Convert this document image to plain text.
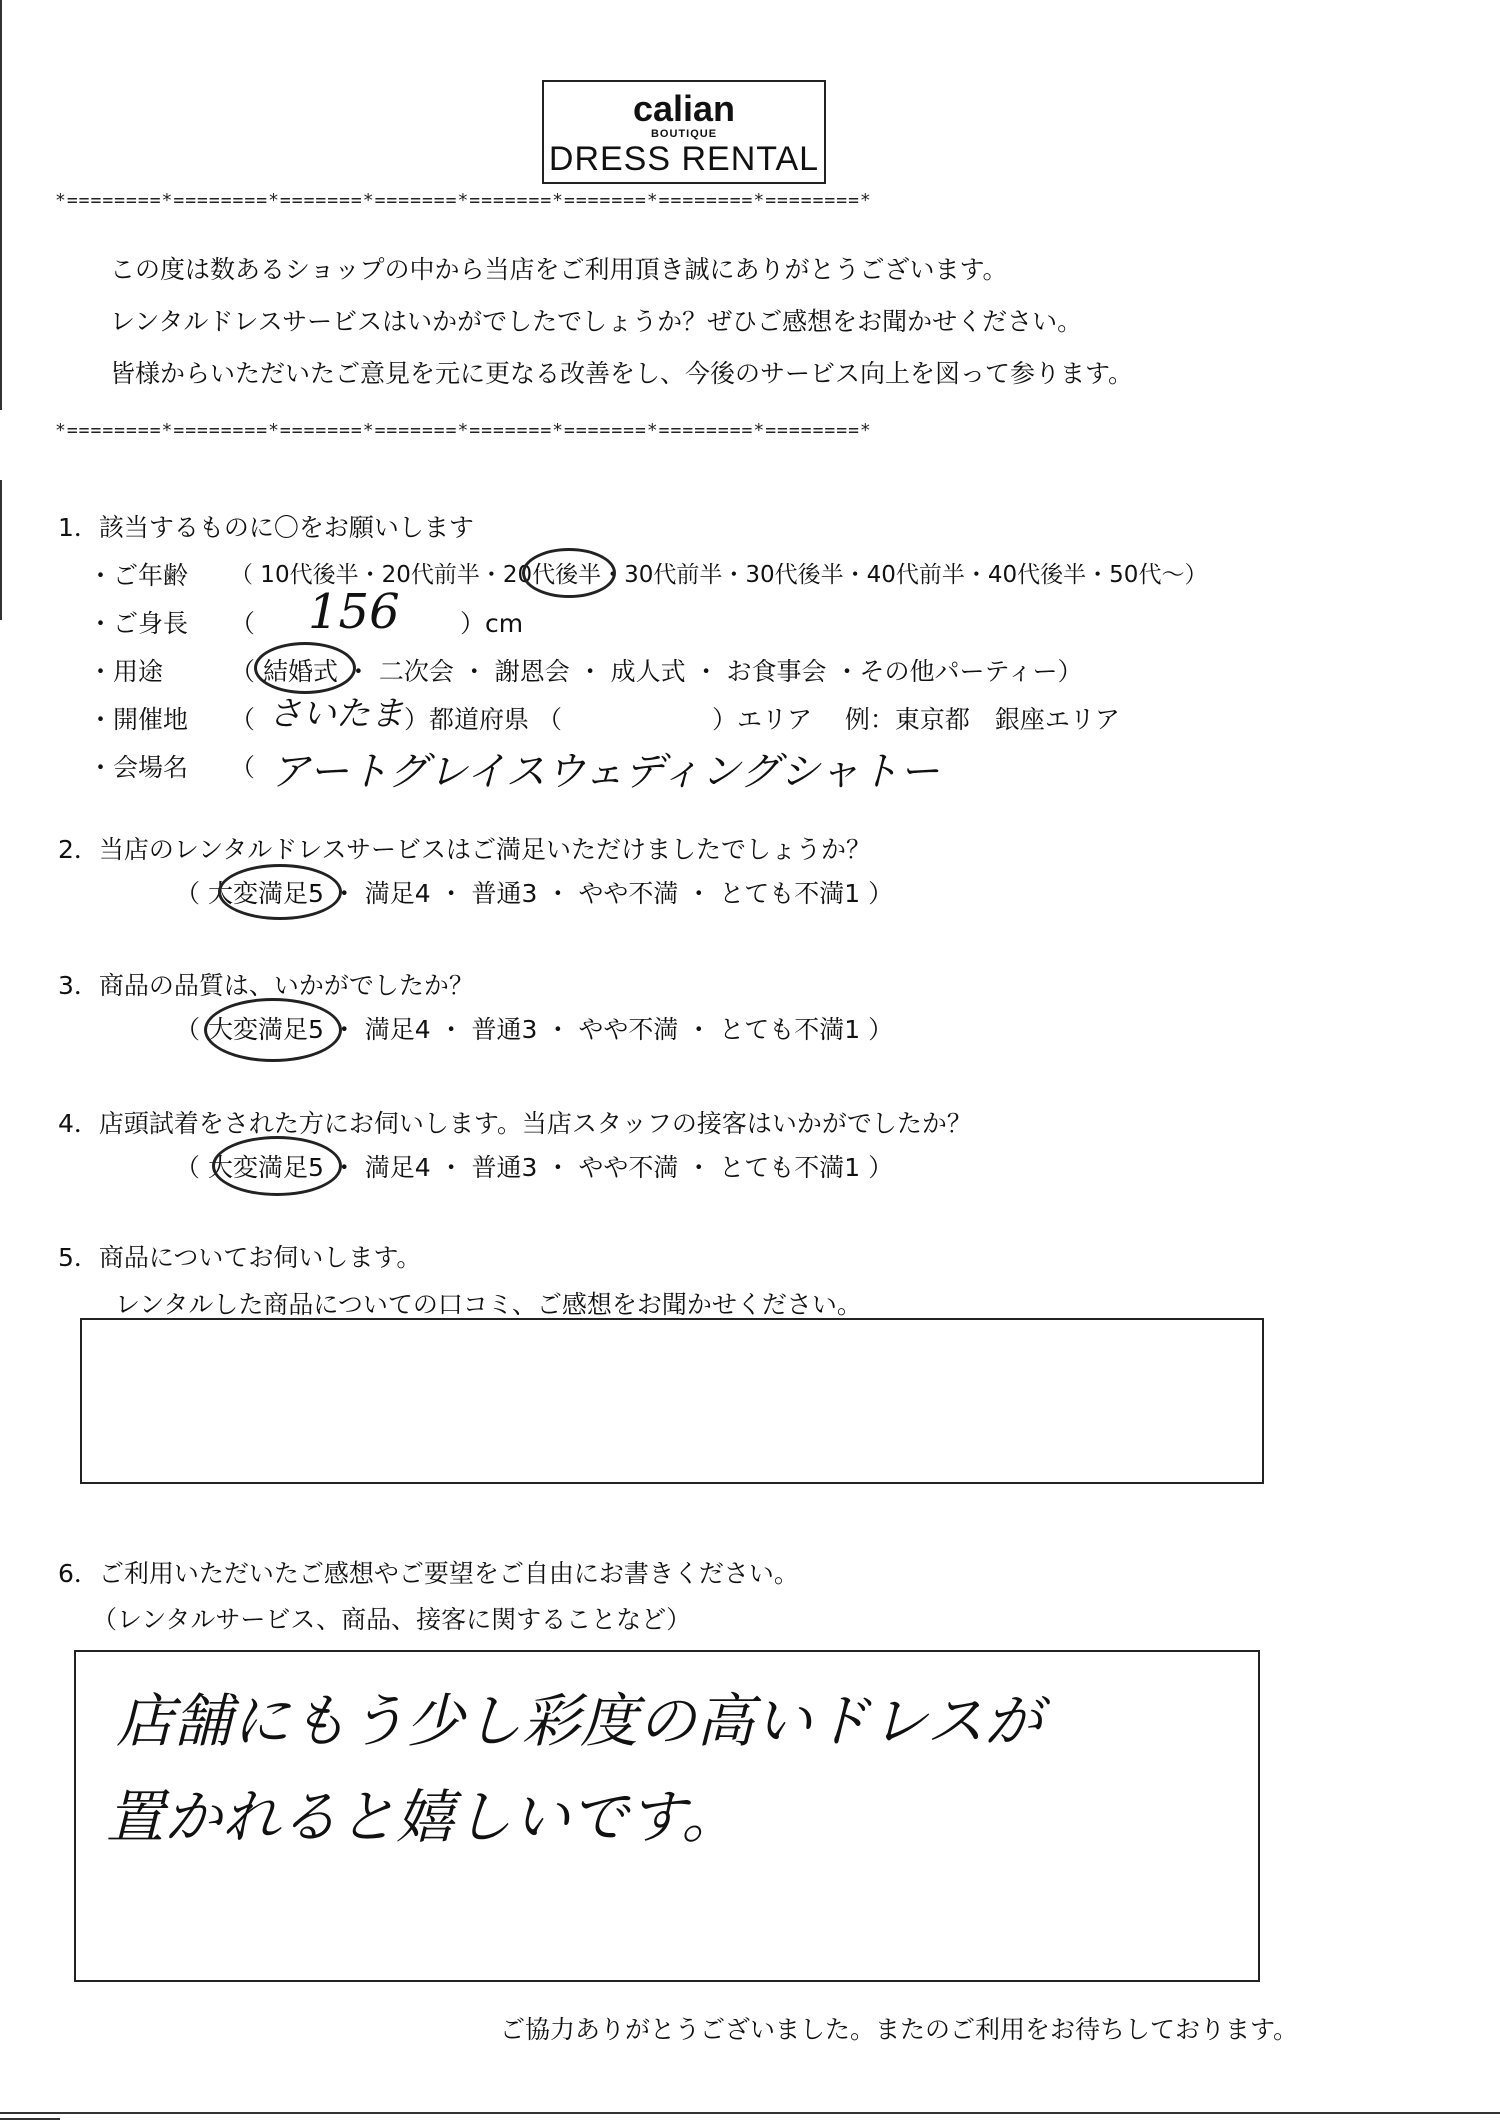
calian
BOUTIQUE
DRESS RENTAL
*========*========*=======*=======*=======*=======*========*========*
*========*========*=======*=======*=======*=======*========*========*
この度は数あるショップの中から当店をご利用頂き誠にありがとうございます。
レンタルドレスサービスはいかがでしたでしょうか？ぜひご感想をお聞かせください。
皆様からいただいたご意見を元に更なる改善をし、今後のサービス向上を図って参ります。
1．該当するものに〇をお願いします
・ご年齢 （ 10代後半・20代前半・20代後半・30代前半・30代後半・40代前半・40代後半・50代〜）
・ご身長 （ 156 ）cm
・用途	（ 結婚式 ・ 二次会 ・ 謝恩会 ・ 成人式 ・ お食事会 ・その他パーティー）
・開催地 （ さいたま ）都道府県 （　　　　　　）エリア　 例：東京都　銀座エリア
・会場名 （ アートグレイスウェディングシャトー
2．当店のレンタルドレスサービスはご満足いただけましたでしょうか？
（ 大変満足5 ・ 満足4 ・ 普通3 ・ やや不満 ・ とても不満1 ）
3．商品の品質は、いかがでしたか？
（ 大変満足5 ・ 満足4 ・ 普通3 ・ やや不満 ・ とても不満1 ）
4．店頭試着をされた方にお伺いします。当店スタッフの接客はいかがでしたか？
（ 大変満足5 ・ 満足4 ・ 普通3 ・ やや不満 ・ とても不満1 ）
5．商品についてお伺いします。
レンタルした商品についての口コミ、ご感想をお聞かせください。
6．ご利用いただいたご感想やご要望をご自由にお書きください。
（レンタルサービス、商品、接客に関することなど）
店舗にもう少し彩度の高いドレスが
置かれると嬉しいです。
ご協力ありがとうございました。またのご利用をお待ちしております。
